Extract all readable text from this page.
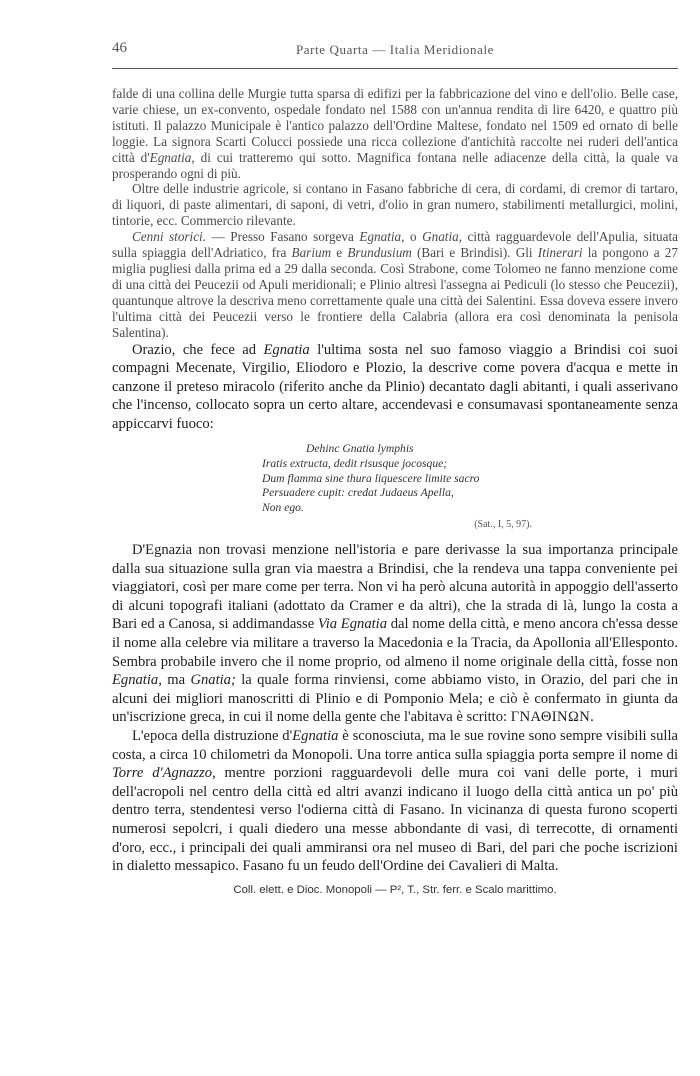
46	Parte Quarta — Italia Meridionale

falde di una collina delle Murgie tutta sparsa di edifizi per la fabbricazione del vino e dell'olio. Belle case, varie chiese, un ex-convento, ospedale fondato nel 1588 con un'annua rendita di lire 6420, e quattro più istituti. Il palazzo Municipale è l'antico palazzo dell'Ordine Maltese, fondato nel 1509 ed ornato di belle loggie. La signora Scarti Colucci possiede una ricca collezione d'antichità raccolte nei ruderi dell'antica città d'Egnatia, di cui tratteremo qui sotto. Magnifica fontana nelle adiacenze della città, la quale va prosperando ogni di più.

Oltre delle industrie agricole, si contano in Fasano fabbriche di cera, di cordami, di cremor di tartaro, di liquori, di paste alimentari, di saponi, di vetri, d'olio in gran numero, stabilimenti metallurgici, molini, tintorie, ecc. Commercio rilevante.

Cenni storici. — Presso Fasano sorgeva Egnatia, o Gnatia, città ragguardevole dell'Apulia, situata sulla spiaggia dell'Adriatico, fra Barium e Brundusium (Bari e Brindisi). Gli Itinerari la pongono a 27 miglia pugliesi dalla prima ed a 29 dalla seconda. Così Strabone, come Tolomeo ne fanno menzione come di una città dei Peucezii od Apuli meridionali; e Plinio altresì l'assegna ai Pediculi (lo stesso che Peucezii), quantunque altrove la descriva meno correttamente quale una città dei Salentini. Essa doveva essere invero l'ultima città dei Peucezii verso le frontiere della Calabria (allora era così denominata la penisola Salentina).

Orazio, che fece ad Egnatia l'ultima sosta nel suo famoso viaggio a Brindisi coi suoi compagni Mecenate, Virgilio, Eliodoro e Plozio, la descrive come povera d'acqua e mette in canzone il preteso miracolo (riferito anche da Plinio) decantato dagli abitanti, i quali asserivano che l'incenso, collocato sopra un certo altare, accendevasi e consumavasi spontaneamente senza appiccarvi fuoco:

Dehinc Gnatia lymphis
Iratis extructa, dedit risusque jocosque;
Dum flamma sine thura liquescere limite sacro
Persuadere cupit: credat Judaeus Apella,
Non ego.
(Sat., I, 5, 97).

D'Egnazia non trovasi menzione nell'istoria e pare derivasse la sua importanza principale dalla sua situazione sulla gran via maestra a Brindisi, che la rendeva una tappa conveniente pei viaggiatori, così per mare come per terra. Non vi ha però alcuna autorità in appoggio dell'asserto di alcuni topografi italiani (adottato da Cramer e da altri), che la strada di là, lungo la costa a Bari ed a Canosa, si addimandasse Via Egnatia dal nome della città, e meno ancora ch'essa desse il nome alla celebre via militare a traverso la Macedonia e la Tracia, da Apollonia all'Ellesponto. Sembra probabile invero che il nome proprio, od almeno il nome originale della città, fosse non Egnatia, ma Gnatia; la quale forma rinviensi, come abbiamo visto, in Orazio, del pari che in alcuni dei migliori manoscritti di Plinio e di Pomponio Mela; e ciò è confermato in giunta da un'iscrizione greca, in cui il nome della gente che l'abitava è scritto: ΓΝΑΘΙΝΩΝ.

L'epoca della distruzione d'Egnatia è sconosciuta, ma le sue rovine sono sempre visibili sulla costa, a circa 10 chilometri da Monopoli. Una torre antica sulla spiaggia porta sempre il nome di Torre d'Agnazzo, mentre porzioni ragguardevoli delle mura coi vani delle porte, i muri dell'acropoli nel centro della città ed altri avanzi indicano il luogo della città antica un po' più dentro terra, stendentesi verso l'odierna città di Fasano. In vicinanza di questa furono scoperti numerosi sepolcri, i quali diedero una messe abbondante di vasi, di terrecotte, di ornamenti d'oro, ecc., i principali dei quali ammiransi ora nel museo di Bari, del pari che poche iscrizioni in dialetto messapico. Fasano fu un feudo dell'Ordine dei Cavalieri di Malta.

Coll. elett. e Dioc. Monopoli — P², T., Str. ferr. e Scalo marittimo.
